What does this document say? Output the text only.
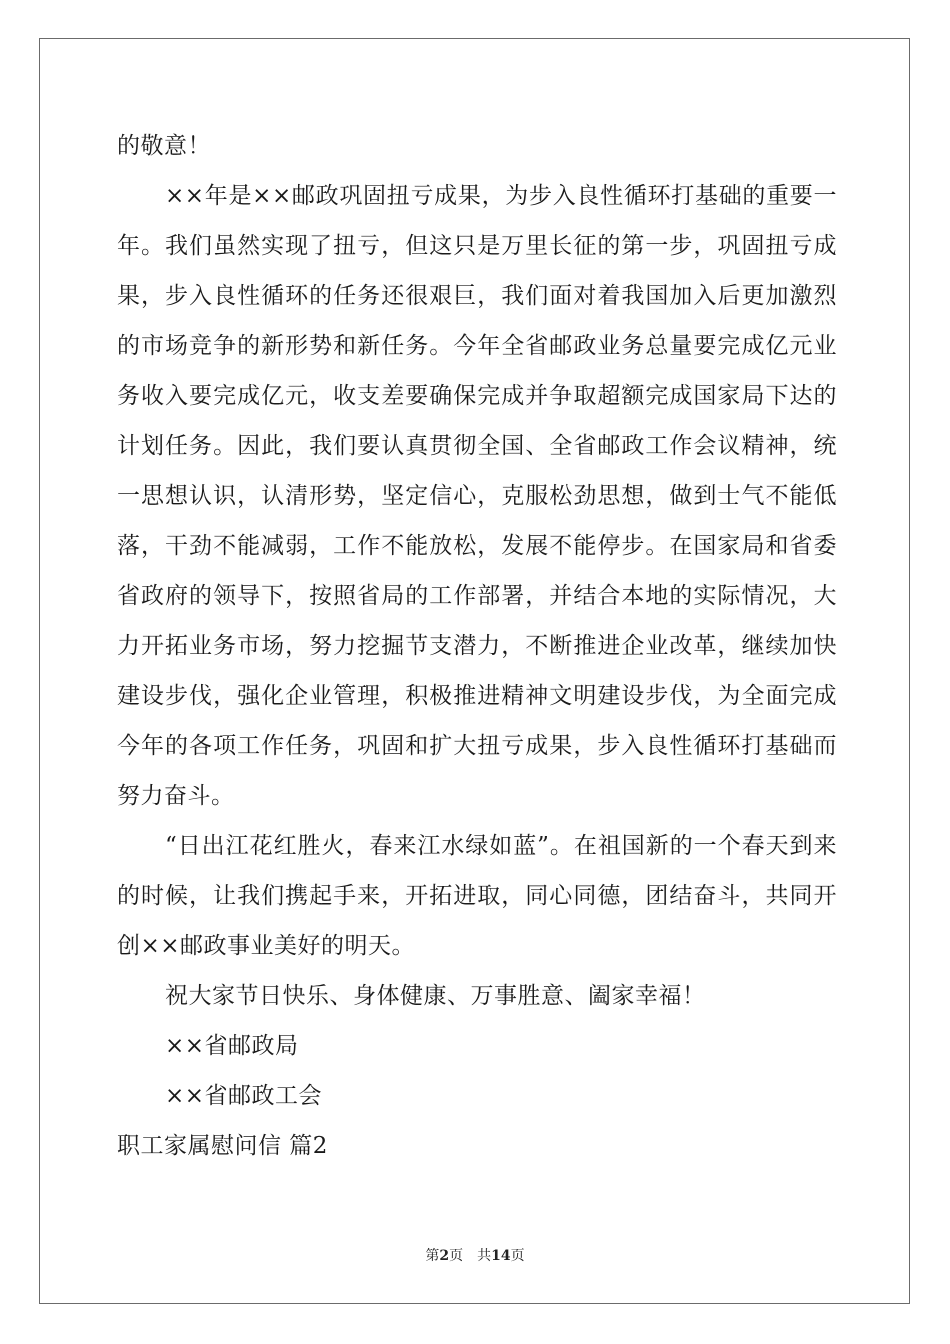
的敬意！

××年是××邮政巩固扭亏成果，为步入良性循环打基础的重要一年。我们虽然实现了扭亏，但这只是万里长征的第一步，巩固扭亏成果，步入良性循环的任务还很艰巨，我们面对着我国加入后更加激烈的市场竞争的新形势和新任务。今年全省邮政业务总量要完成亿元业务收入要完成亿元，收支差要确保完成并争取超额完成国家局下达的计划任务。因此，我们要认真贯彻全国、全省邮政工作会议精神，统一思想认识，认清形势，坚定信心，克服松劲思想，做到士气不能低落，干劲不能减弱，工作不能放松，发展不能停步。在国家局和省委省政府的领导下，按照省局的工作部署，并结合本地的实际情况，大力开拓业务市场，努力挖掘节支潜力，不断推进企业改革，继续加快建设步伐，强化企业管理，积极推进精神文明建设步伐，为全面完成今年的各项工作任务，巩固和扩大扭亏成果，步入良性循环打基础而努力奋斗。

“日出江花红胜火，春来江水绿如蓝”。在祖国新的一个春天到来的时候，让我们携起手来，开拓进取，同心同德，团结奋斗，共同开创××邮政事业美好的明天。

祝大家节日快乐、身体健康、万事胜意、阖家幸福！

××省邮政局

××省邮政工会

职工家属慰问信 篇2

第2页 共14页
